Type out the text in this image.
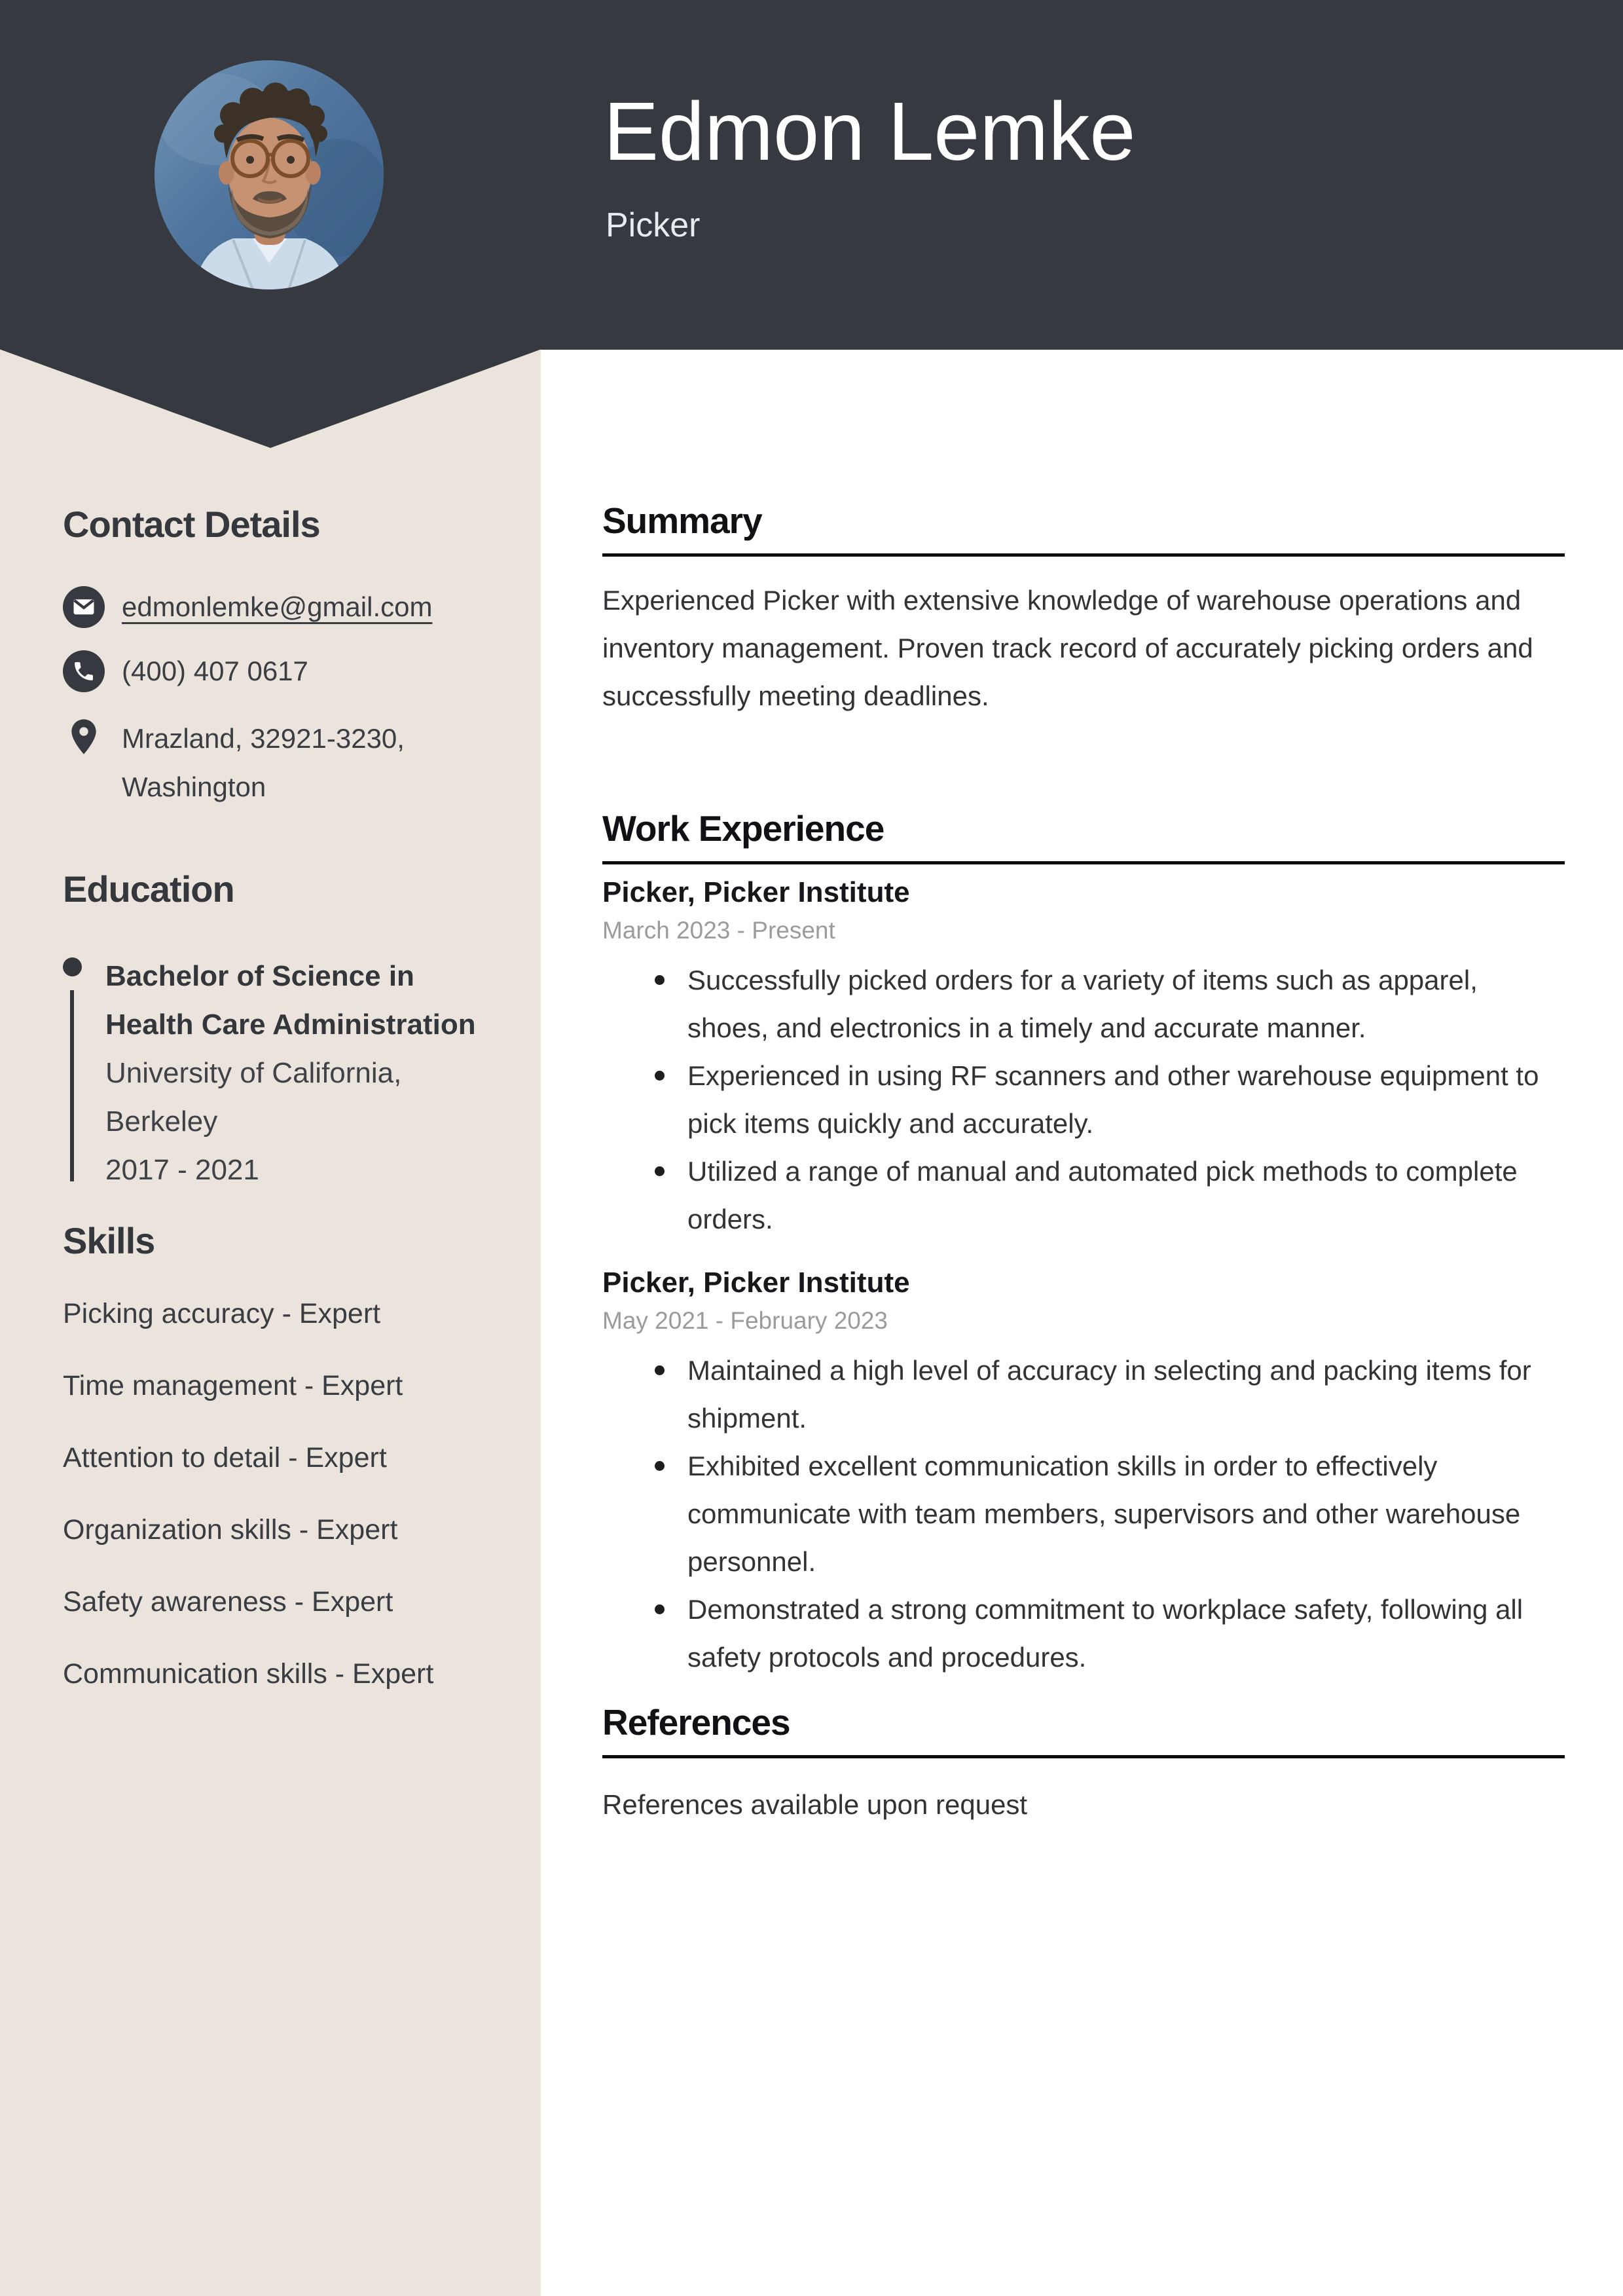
Contact Details
edmonlemke@gmail.com
(400) 407 0617
Mrazland, 32921-3230,
Washington
Education
Bachelor of Science in Health Care Administration
University of California, Berkeley
2017 - 2021
Skills
Picking accuracy - Expert
Time management - Expert
Attention to detail - Expert
Organization skills - Expert
Safety awareness - Expert
Communication skills - Expert
Edmon Lemke
Picker
Summary

Experienced Picker with extensive knowledge of warehouse operations and inventory management. Proven track record of accurately picking orders and successfully meeting deadlines.

Work Experience
Picker, Picker Institute
March 2023 - Present
Successfully picked orders for a variety of items such as apparel, shoes, and electronics in a timely and accurate manner.
Experienced in using RF scanners and other warehouse equipment to pick items quickly and accurately.
Utilized a range of manual and automated pick methods to complete orders.
Picker, Picker Institute
May 2021 - February 2023
Maintained a high level of accuracy in selecting and packing items for shipment.
Exhibited excellent communication skills in order to effectively communicate with team members, supervisors and other warehouse personnel.
Demonstrated a strong commitment to workplace safety, following all safety protocols and procedures.
References

References available upon request
